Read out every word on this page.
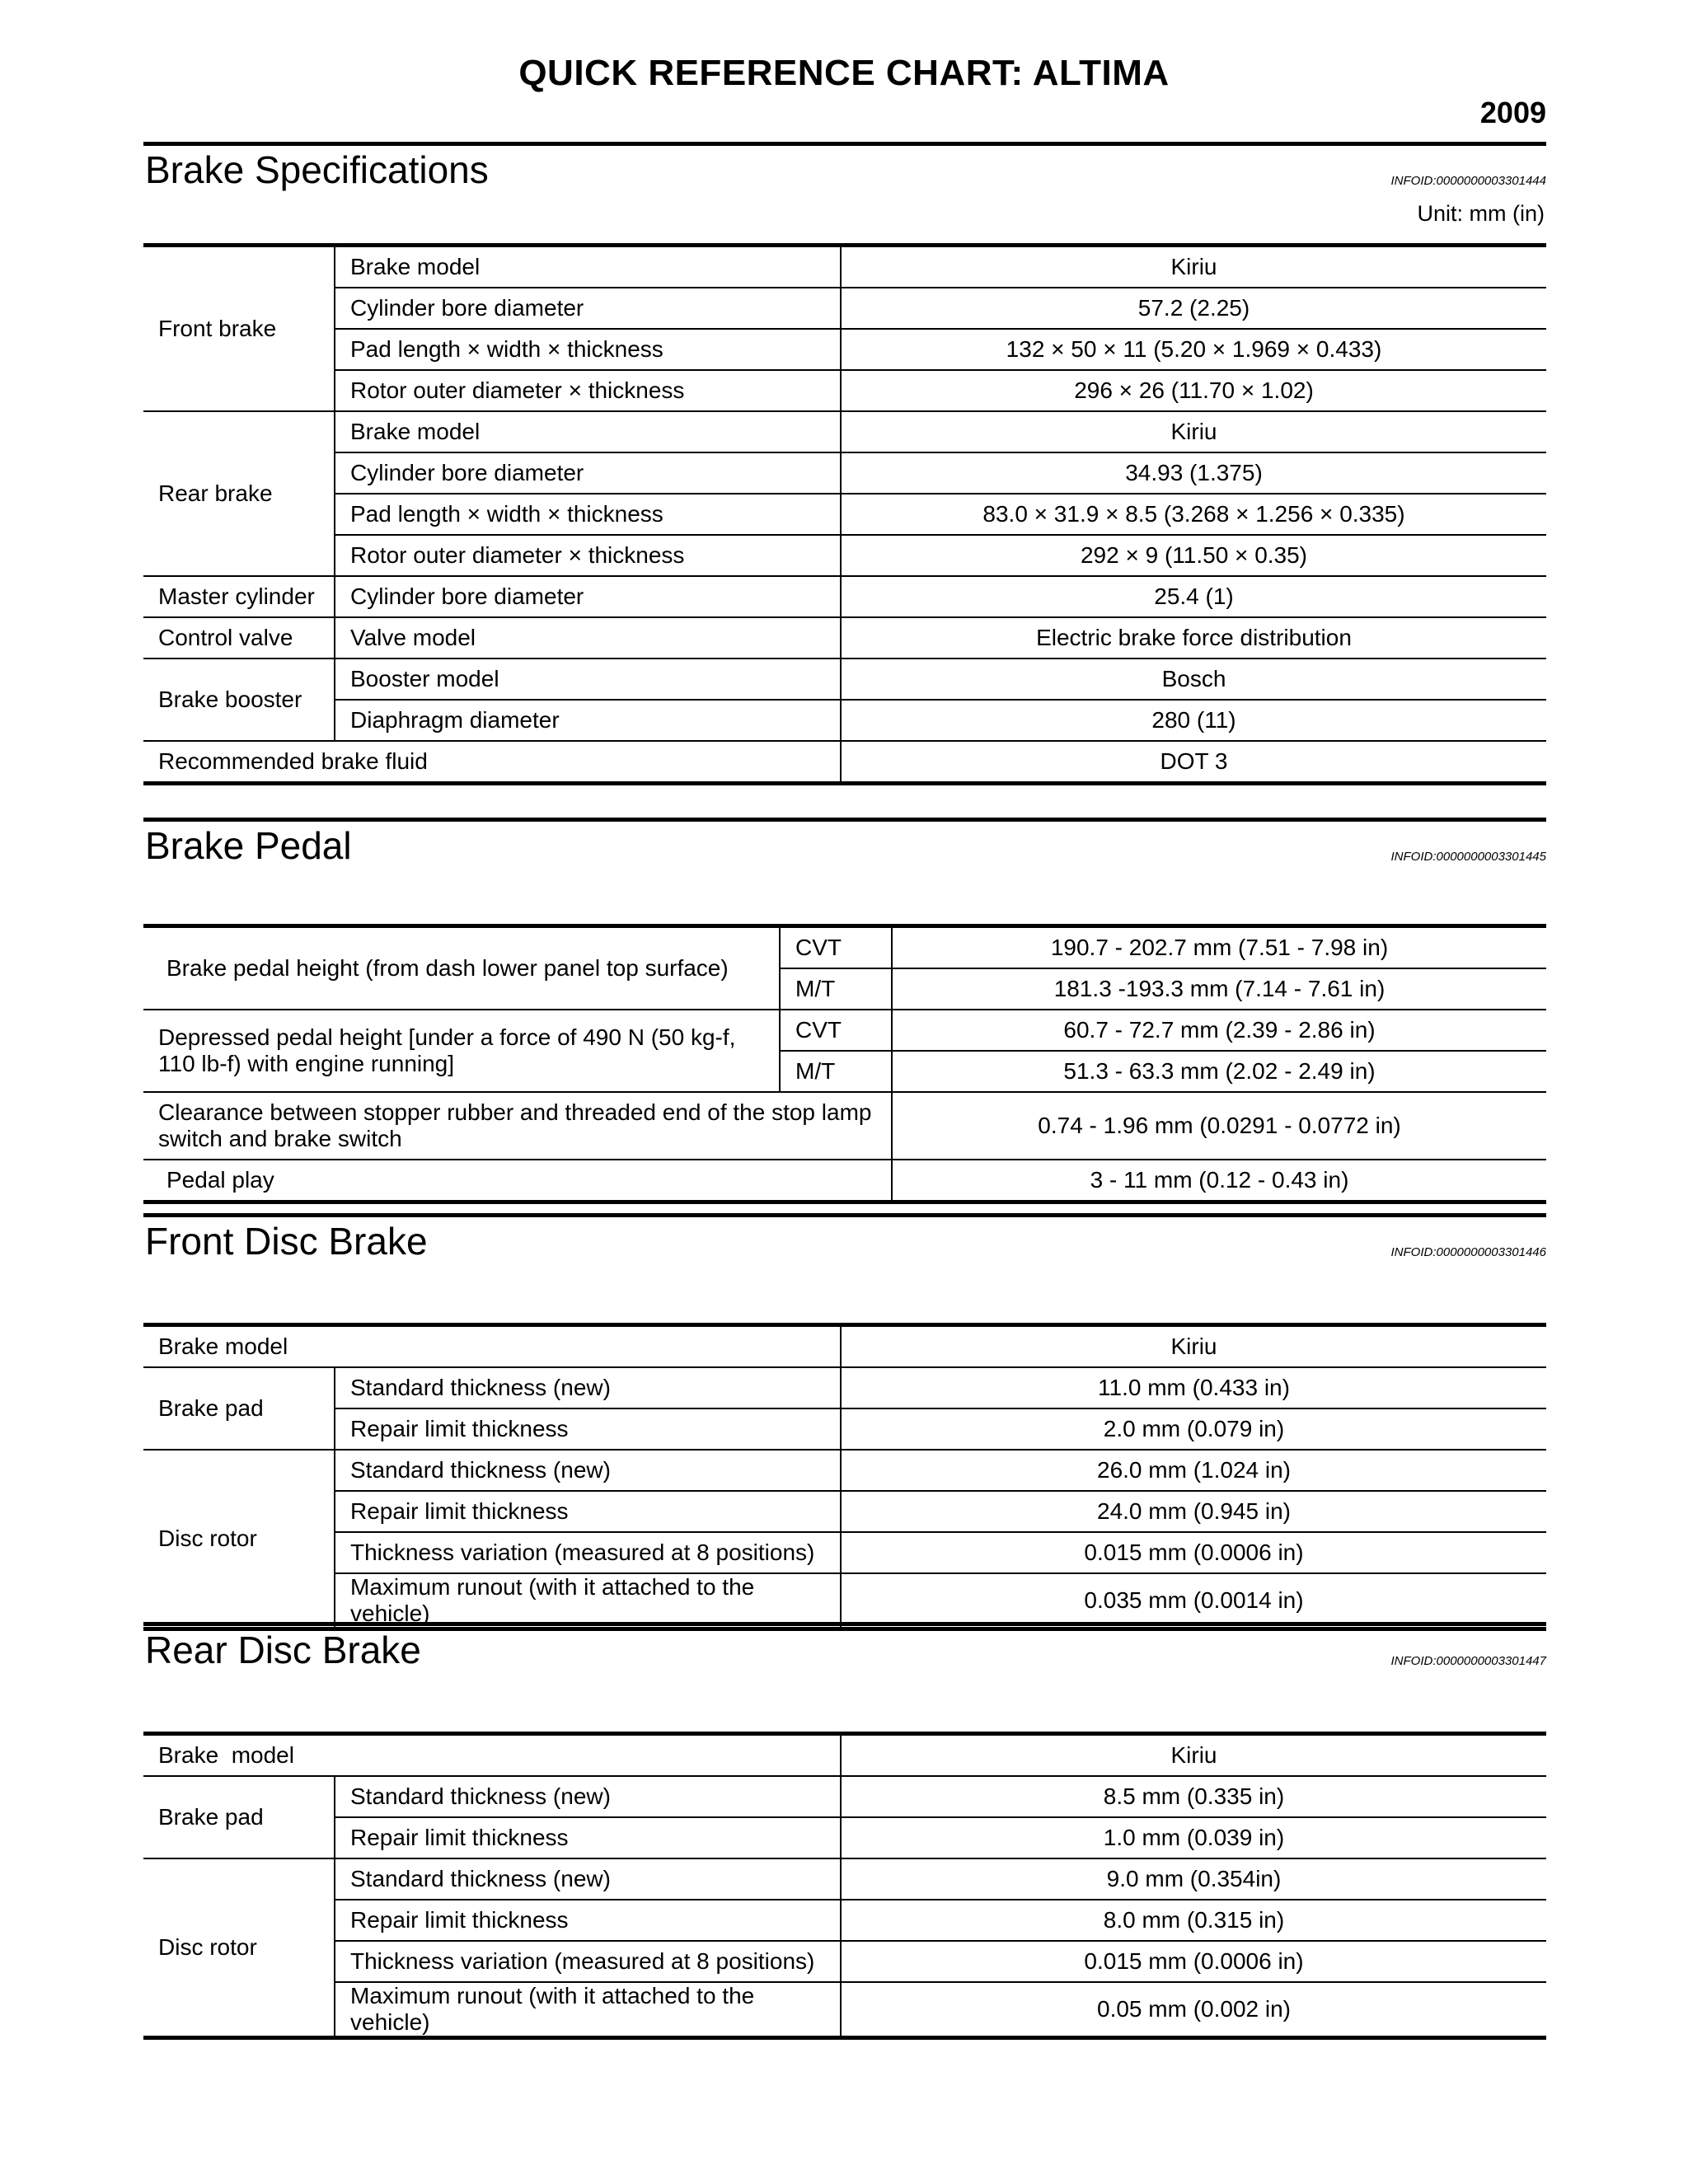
QUICK REFERENCE CHART: ALTIMA
2009
Brake Specifications	INFOID:0000000003301444
Unit: mm (in)
Front brake	Brake model	Kiriu
	Cylinder bore diameter	57.2 (2.25)
	Pad length × width × thickness	132 × 50 × 11 (5.20 × 1.969 × 0.433)
	Rotor outer diameter × thickness	296 × 26 (11.70 × 1.02)
Rear brake	Brake model	Kiriu
	Cylinder bore diameter	34.93 (1.375)
	Pad length × width × thickness	83.0 × 31.9 × 8.5 (3.268 × 1.256 × 0.335)
	Rotor outer diameter × thickness	292 × 9 (11.50 × 0.35)
Master cylinder	Cylinder bore diameter	25.4 (1)
Control valve	Valve model	Electric brake force distribution
Brake booster	Booster model	Bosch
	Diaphragm diameter	280 (11)
Recommended brake fluid		DOT 3
Brake Pedal	INFOID:0000000003301445
Brake pedal height (from dash lower panel top surface)	CVT	190.7 - 202.7 mm (7.51 - 7.98 in)
	M/T	181.3 -193.3 mm (7.14 - 7.61 in)
Depressed pedal height [under a force of 490 N (50 kg-f, 110 lb-f) with engine running]	CVT	60.7 - 72.7 mm (2.39 - 2.86 in)
	M/T	51.3 - 63.3 mm (2.02 - 2.49 in)
Clearance between stopper rubber and threaded end of the stop lamp switch and brake switch		0.74 - 1.96 mm (0.0291 - 0.0772 in)
Pedal play		3 - 11 mm (0.12 - 0.43 in)
Front Disc Brake	INFOID:0000000003301446
Brake model		Kiriu
Brake pad	Standard thickness (new)	11.0 mm (0.433 in)
	Repair limit thickness	2.0 mm (0.079 in)
Disc rotor	Standard thickness (new)	26.0 mm (1.024 in)
	Repair limit thickness	24.0 mm (0.945 in)
	Thickness variation (measured at 8 positions)	0.015 mm (0.0006 in)
	Maximum runout (with it attached to the vehicle)	0.035 mm (0.0014 in)
Rear Disc Brake	INFOID:0000000003301447
Brake  model		Kiriu
Brake pad	Standard thickness (new)	8.5 mm (0.335 in)
	Repair limit thickness	1.0 mm (0.039 in)
Disc rotor	Standard thickness (new)	9.0 mm (0.354in)
	Repair limit thickness	8.0 mm (0.315 in)
	Thickness variation (measured at 8 positions)	0.015 mm (0.0006 in)
	Maximum runout (with it attached to the vehicle)	0.05 mm (0.002 in)
